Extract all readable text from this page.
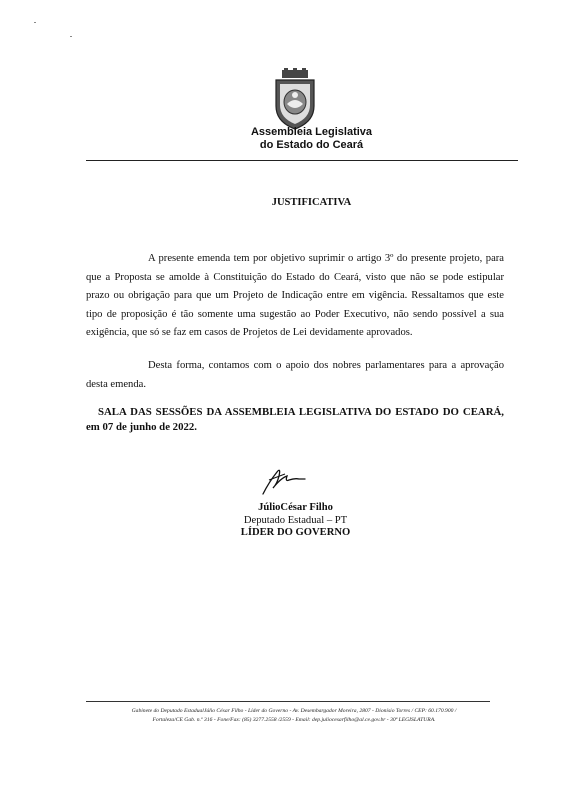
Assembleia Legislativa
do Estado do Ceará
JUSTIFICATIVA
A presente emenda tem por objetivo suprimir o artigo 3º do presente projeto, para que a Proposta se amolde à Constituição do Estado do Ceará, visto que não se pode estipular prazo ou obrigação para que um Projeto de Indicação entre em vigência. Ressaltamos que este tipo de proposição é tão somente uma sugestão ao Poder Executivo, não sendo possível a sua exigência, que só se faz em casos de Projetos de Lei devidamente aprovados.
Desta forma, contamos com o apoio dos nobres parlamentares para a aprovação desta emenda.
SALA DAS SESSÕES DA ASSEMBLEIA LEGISLATIVA DO ESTADO DO CEARÁ, em 07 de junho de 2022.
JúlioCésar Filho
Deputado Estadual – PT
LÍDER DO GOVERNO
Gabinete do Deputado EstadualJúlio César Filho - Líder do Governo - Av. Desembargador Moreira, 2807 - Dionísio Torres / CEP: 60.170.900 /
Fortaleza/CE Gab. n.º 316 - Fone/Fax: (85) 3277.2558 /2559 - Email: dep.juliocesarfilho@al.ce.gov.br - 30ª LEGISLATURA.
